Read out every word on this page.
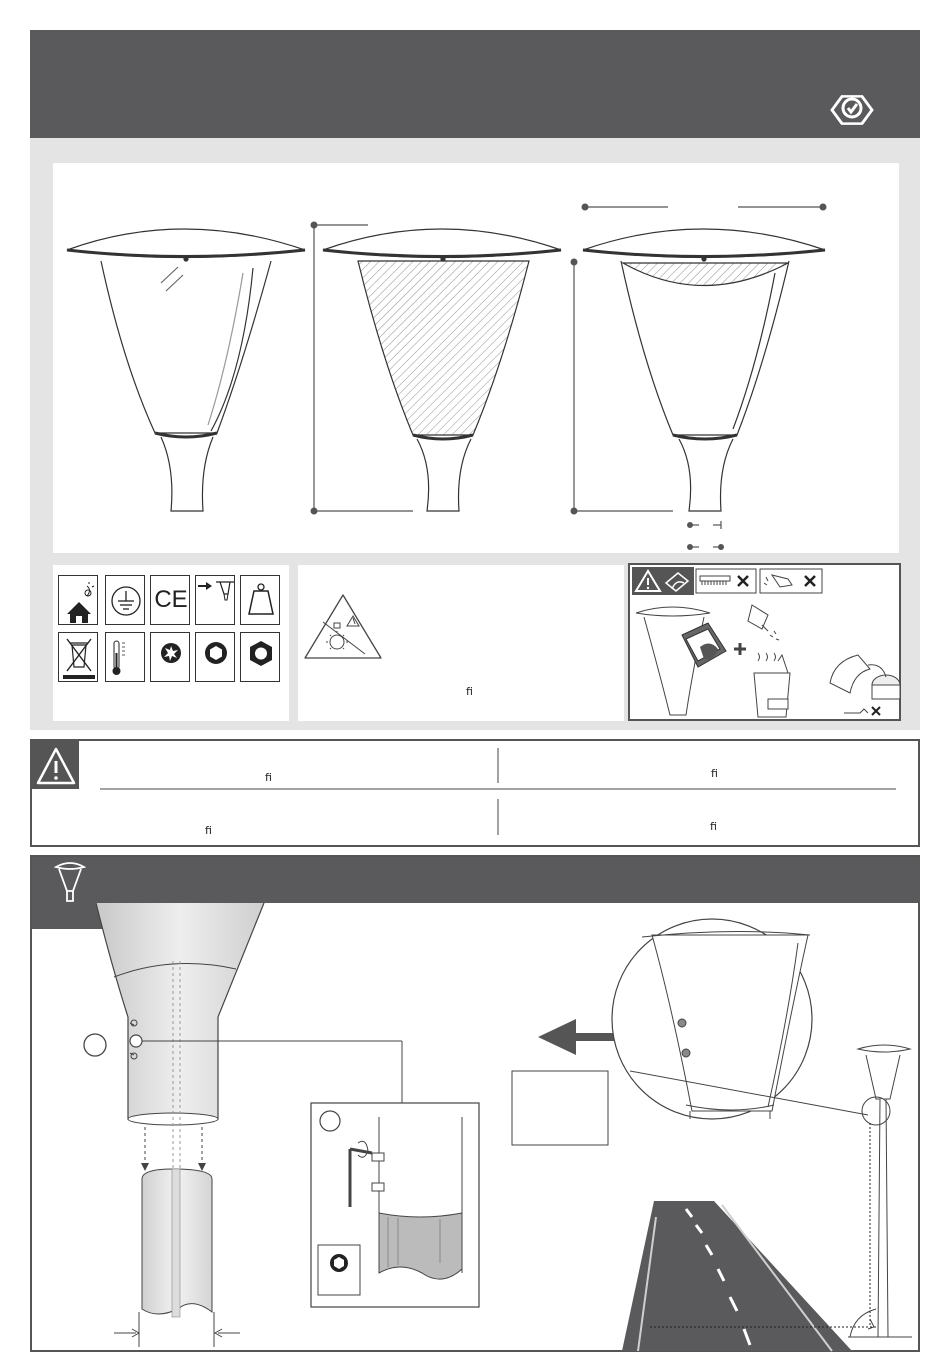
CE
ﬁ
ﬁ	ﬁ
ﬁ	ﬁ
